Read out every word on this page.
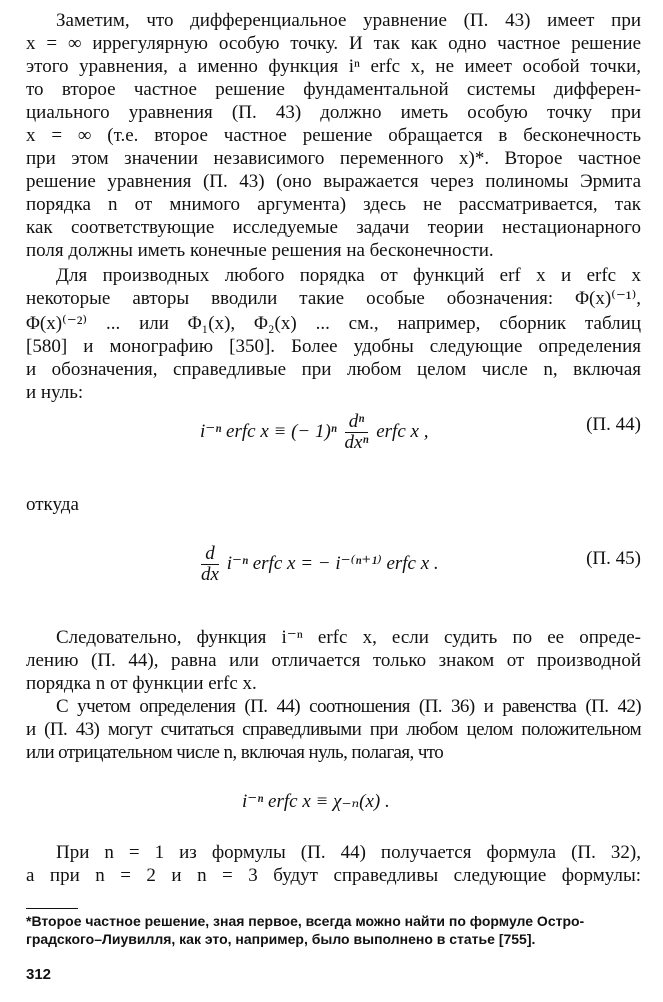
Заметим, что дифференциальное уравнение (П. 43) имеет при
x = ∞ иррегулярную особую точку. И так как одно частное решение
этого уравнения, а именно функция iⁿ erfc x, не имеет особой точки,
то второе частное решение фундаментальной системы дифферен-
циального уравнения (П. 43) должно иметь особую точку при
x = ∞ (т.е. второе частное решение обращается в бесконечность
при этом значении независимого переменного x)*. Второе частное
решение уравнения (П. 43) (оно выражается через полиномы Эрмита
порядка n от мнимого аргумента) здесь не рассматривается, так
как соответствующие исследуемые задачи теории нестационарного
поля должны иметь конечные решения на бесконечности.
Для производных любого порядка от функций erf x и erfc x
некоторые авторы вводили такие особые обозначения: Φ(x)⁽⁻¹⁾,
Φ(x)⁽⁻²⁾ ... или Φ₁(x), Φ₂(x) ... см., например, сборник таблиц
[580] и монографию [350]. Более удобны следующие определения
и обозначения, справедливые при любом целом числе n, включая
и нуль:
i⁻ⁿ erfc x ≡ (− $1)^n \frac{\text{dⁿ}}{\text{dxⁿ}}$ erfc x ,	(П. 44)
откуда
$\frac{d}{dx} i^{-n}$ erfc x = − i⁻⁽ⁿ⁺¹⁾ erfc x .	(П. 45)
Следовательно, функция i⁻ⁿ erfc x, если судить по ее опреде-
лению (П. 44), равна или отличается только знаком от производной
порядка n от функции erfc x.
С учетом определения (П. 44) соотношения (П. 36) и равенства (П. 42)
и (П. 43) могут считаться справедливыми при любом целом положительном
или отрицательном числе n, включая нуль, полагая, что
i⁻ⁿ erfc x ≡ χ₋ₙ(x) .
При n = 1 из формулы (П. 44) получается формула (П. 32),
а при n = 2 и n = 3 будут справедливы следующие формулы:
*Второе частное решение, зная первое, всегда можно найти по формуле Остро-
градского–Лиувилля, как это, например, было выполнено в статье [755].
312
